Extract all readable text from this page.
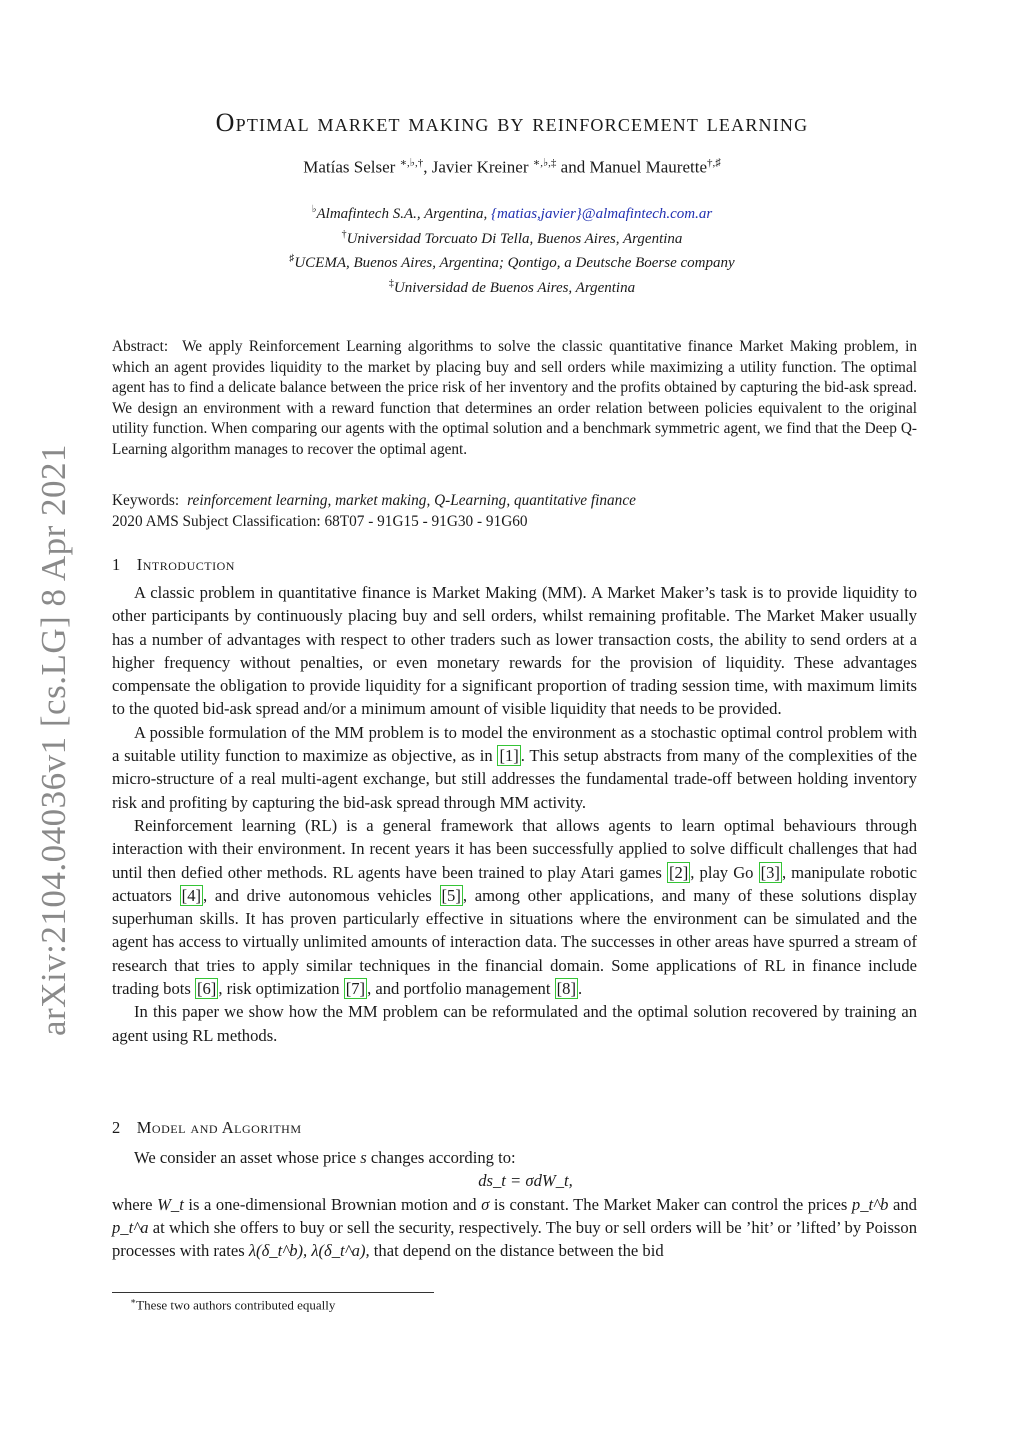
arXiv:2104.04036v1 [cs.LG] 8 Apr 2021
Optimal market making by reinforcement learning
Matías Selser ∗,♭,†, Javier Kreiner ∗,♭,‡ and Manuel Maurette†,♯
♭Almafintech S.A., Argentina, {matias,javier}@almafintech.com.ar
†Universidad Torcuato Di Tella, Buenos Aires, Argentina
♯UCEMA, Buenos Aires, Argentina; Qontigo, a Deutsche Boerse company
‡Universidad de Buenos Aires, Argentina
Abstract: We apply Reinforcement Learning algorithms to solve the classic quantitative finance Market Making problem, in which an agent provides liquidity to the market by placing buy and sell orders while maximizing a utility function. The optimal agent has to find a delicate balance between the price risk of her inventory and the profits obtained by capturing the bid-ask spread. We design an environment with a reward function that determines an order relation between policies equivalent to the original utility function. When comparing our agents with the optimal solution and a benchmark symmetric agent, we find that the Deep Q-Learning algorithm manages to recover the optimal agent.
Keywords: reinforcement learning, market making, Q-Learning, quantitative finance
2020 AMS Subject Classification: 68T07 - 91G15 - 91G30 - 91G60
1 Introduction

A classic problem in quantitative finance is Market Making (MM). A Market Maker’s task is to provide liquidity to other participants by continuously placing buy and sell orders, whilst remaining profitable. The Market Maker usually has a number of advantages with respect to other traders such as lower transaction costs, the ability to send orders at a higher frequency without penalties, or even monetary rewards for the provision of liquidity. These advantages compensate the obligation to provide liquidity for a significant proportion of trading session time, with maximum limits to the quoted bid-ask spread and/or a minimum amount of visible liquidity that needs to be provided.

A possible formulation of the MM problem is to model the environment as a stochastic optimal control problem with a suitable utility function to maximize as objective, as in [1] . This setup abstracts from many of the complexities of the micro-structure of a real multi-agent exchange, but still addresses the fundamental trade-off between holding inventory risk and profiting by capturing the bid-ask spread through MM activity.

Reinforcement learning (RL) is a general framework that allows agents to learn optimal behaviours through interaction with their environment. In recent years it has been successfully applied to solve difficult challenges that had until then defied other methods. RL agents have been trained to play Atari games [2] , play Go [3] , manipulate robotic actuators [4] , and drive autonomous vehicles [5] , among other applications, and many of these solutions display superhuman skills. It has proven particularly effective in situations where the environment can be simulated and the agent has access to virtually unlimited amounts of interaction data. The successes in other areas have spurred a stream of research that tries to apply similar techniques in the financial domain. Some applications of RL in finance include trading bots [6] , risk optimization [7] , and portfolio management [8] .

In this paper we show how the MM problem can be reformulated and the optimal solution recovered by training an agent using RL methods.

2 Model and Algorithm

We consider an asset whose price s changes according to:

ds_t = σdW_t,

where W_t is a one-dimensional Brownian motion and σ is constant. The Market Maker can control the prices p_t^b and p_t^a at which she offers to buy or sell the security, respectively. The buy or sell orders will be ’hit’ or ’lifted’ by Poisson processes with rates λ(δ_t^b), λ(δ_t^a), that depend on the distance between the bid

∗These two authors contributed equally
